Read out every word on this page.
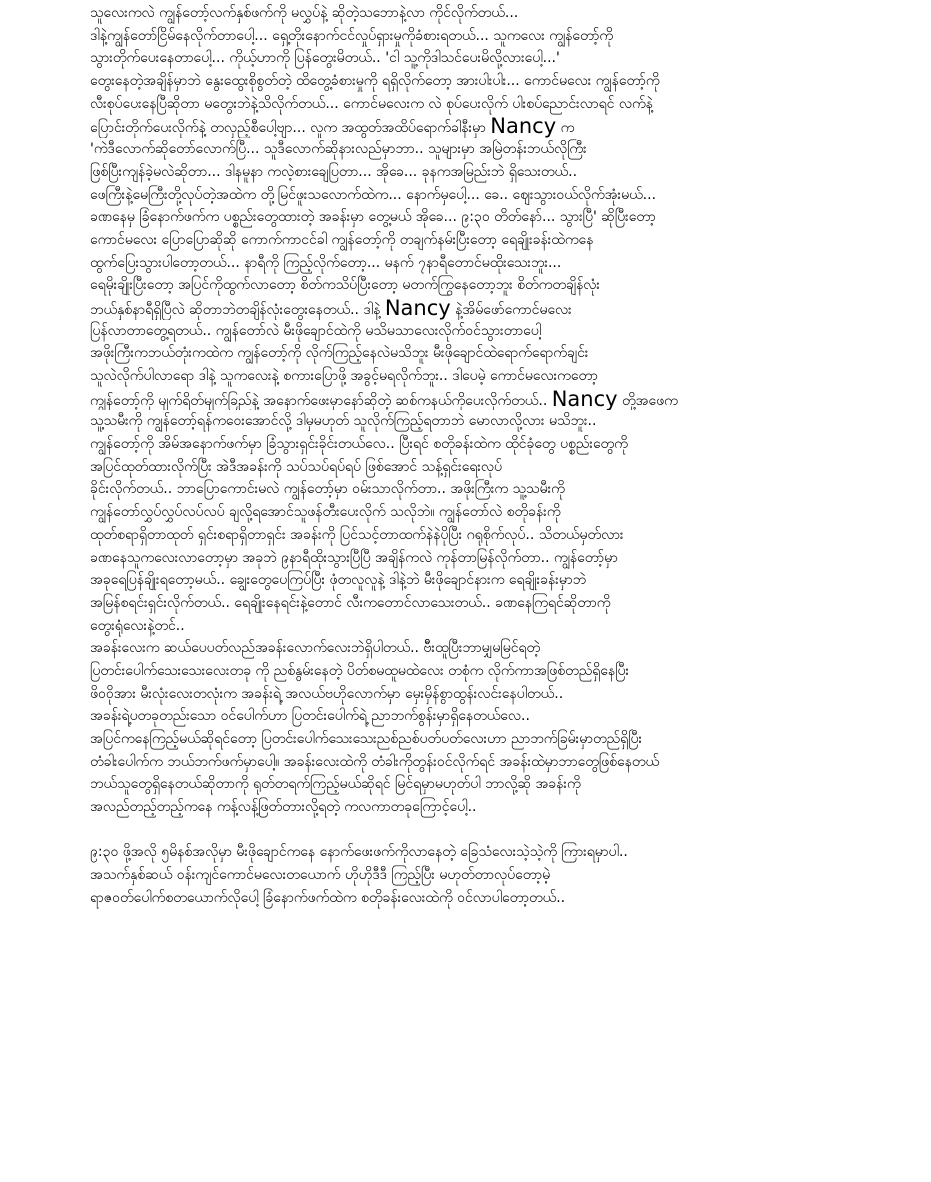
သူလေးကလဲ ကျွန်တော့်လက်နှစ်ဖက်ကို မလွှပ်နဲ့ ဆိုတဲ့သဘောနဲ့လာ ကိုင်လိုက်တယ်...
ဒါနဲ့ကျွန်တော်ငြိမ်နေလိုက်တာပေါ့... ရှေ့တိုးနောက်ငင်လှုပ်ရှားမှုကိုခံစားရတယ်... သူကလေး ကျွန်တော့်ကို
သွားတိုက်ပေးနေတာပေါ့... ကိုယ့်ဟာကို ပြန်တွေးမိတယ်.. 'ငါ သူ့ကိုဒါသင်ပေးမိလို့လားပေါ့...'
တွေးနေတဲ့အချိန်မှာဘဲ နွေးထွေးစိုစွတ်တဲ့ ထိတွေ့ခံစားမှုကို ရရှိလိုက်တော့ အားပါးပါး... ကောင်မလေး ကျွန်တော့်ကို
လီးစုပ်ပေးနေပြီဆိုတာ မတွေးဘဲနဲ့သိလိုက်တယ်... ကောင်မလေးက လဲ စုပ်ပေးလိုက် ပါးစပ်ညောင်းလာရင် လက်နဲ့
ပြောင်းတိုက်ပေးလိုက်နဲ့ တလှည့်စီပေါ့ဗျာ... လူက အထွတ်အထိပ်ရောက်ခါနီးမှာ Nancy က
'ကဲဒီလောက်ဆိုတော်လောက်ပြီ... သူဒီလောက်ဆိုနားလည်မှာဘာ.. သူများမှာ အမြဲတန်းဘယ်လိုကြီး
ဖြစ်ပြီးကျန်ခဲ့မလဲဆိုတာ... ဒါနမူနာ ကလဲ့စားချေပြတာ... အိုခေ... ခုနကအမြည်းဘဲ ရှိသေးတယ်..
ဖေကြီးနဲ့မေကြီးတို့လုပ်တဲ့အထဲက တို့မြင်ဖူးသလောက်ထဲက... နောက်မှပေါ့... ခေ.. ဈေးသွားဝယ်လိုက်အုံးမယ်...
ခဏနေမှ ခြံနောက်ဖက်က ပစ္စည်းတွေထားတဲ့ အခန်းမှာ တွေ့မယ် အိုခေ... ၉:၃၀ တိတ်နော်... သွားပြီ' ဆိုပြီးတော့
ကောင်မလေး ပြောပြောဆိုဆို ကောက်ကာငင်ခါ ကျွန်တော့်ကို တချက်နမ်းပြီးတော့ ရေချိုးခန်းထဲကနေ
ထွက်ပြေးသွားပါတော့တယ်... နာရီကို ကြည့်လိုက်တော့... မနက် ၇နာရီတောင်မထိုးသေးဘူး...
ရေမိုးချိုးပြီးတော့ အပြင်ကိုထွက်လာတော့ စိတ်ကသိပ်ပြီးတော့ မတက်ကြွနေတော့ဘူး စိတ်ကတချိန်လုံး
ဘယ်နှစ်နာရီရှိပြီလဲ ဆိုတာဘဲတချိန်လုံးတွေးနေတယ်.. ဒါနဲ့ Nancy နဲ့အိမ်ဖော်ကောင်မလေး
ပြန်လာတာတွေ့ရတယ်.. ကျွန်တော်လဲ မီးဖိုချောင်ထဲကို မသိမသာလေးလိုက်ဝင်သွားတာပေါ့
အဖိုးကြီးကဘယ်တုံးကထဲက ကျွန်တော့်ကို လိုက်ကြည့်နေလဲမသိဘူး မီးဖိုချောင်ထဲရောက်ရောက်ချင်း
သူလဲလိုက်ပါလာရော ဒါနဲ့ သူကလေးနဲ့ စကားပြောဖို့ အခွင့်မရလိုက်ဘူး.. ဒါပေမဲ့ ကောင်မလေးကတော့
ကျွန်တော့်ကို မျက်ရိတ်မျက်ခြည်နဲ့ အနောက်ဖေးမှာနော်ဆိုတဲ့ ဆစ်ကနယ်ကိုပေးလိုက်တယ်.. Nancy တို့အဖေက
သူ့သမီးကို ကျွန်တော့်ရန်ကဝေးအောင်လို့ ဒါမှမဟုတ် သူလိုက်ကြည့်ရတာဘဲ မောလာလို့လား မသိဘူး..
ကျွန်တော့်ကို အိမ်အနောက်ဖက်မှာ ခြံသွားရှင်းခိုင်းတယ်လေ.. ပြီးရင် စတိုခန်းထဲက ထိုင်ခုံတွေ ပစ္စည်းတွေကို
အပြင်ထုတ်ထားလိုက်ပြီး အဲဒီအခန်းကို သပ်သပ်ရပ်ရပ် ဖြစ်အောင် သန့်ရှင်းရေးလုပ်
ခိုင်းလိုက်တယ်.. ဘာပြောကောင်းမလဲ ကျွန်တော့်မှာ ဝမ်းသာလိုက်တာ.. အဖိုးကြီးက သူ့သမီးကို
ကျွန်တော်လွှပ်လွှပ်လပ်လပ် ချလို့ရအောင်သူဖန်တီးပေးလိုက် သလိုဘဲ။ ကျွန်တော်လဲ စတိုခန်းကို
ထုတ်စရာရှိတာထုတ် ရှင်းစရာရှိတာရှင်း အခန်းကို ပြင်သင့်တာထက်နဲနဲပိုပြီး ဂရုစိုက်လုပ်.. သိတယ်မှတ်လား
ခဏနေသူကလေးလာတော့မှာ အခုဘဲ ၉နာရီထိုးသွားပြီပြီ အချိန်ကလဲ ကုန်တာမြန်လိုက်တာ.. ကျွန်တော့်မှာ
အခုရေပြန်ချိုးရတော့မယ်.. ချွေးတွေပေကြပ်ပြီး ဖုံတလူလူနဲ့ ဒါနဲ့ဘဲ မီးဖိုချောင်နားက ရေချိုးခန်းမှာဘဲ
အမြန်စရင်းရှင်းလိုက်တယ်.. ရေချိုးနေရင်းနဲ့တောင် လီးကတောင်လာသေးတယ်.. ခဏနေကြရင်ဆိုတာကို
တွေးရုံလေးနဲ့တင်..
အခန်းလေးက ဆယ်ပေပတ်လည်အခန်းလောက်လေးဘဲရှိပါတယ်.. ဗီီးထူပြီးဘာမျှမမြင်ရတဲ့
ပြတင်းပေါက်သေးသေးလေးတခု ကို ညစ်နွမ်းနေတဲ့ ပိတ်စမထူမထဲလေး တစုံက လိုက်ကာအဖြစ်တည်ရှိနေပြီး
ဖိဝဝိုအား မီးလုံးလေးတလုံးက အခန်းရဲ့ အလယ်ဗဟိုလောက်မှာ မှေးမှိန်စွာထွန်းလင်းနေပါတယ်..
အခန်းရဲ့ပတခုတည်းသော ဝင်ပေါက်ဟာ ပြတင်းပေါက်ရဲ့ ညာဘက်စွန်းမှာရှိနေတယ်လေ..
အပြင်ကနေကြည့်မယ်ဆိုရင်တော့ ပြတင်းပေါက်သေးသေးညစ်ညစ်ပတ်ပတ်လေးဟာ ညာဘက်ခြမ်းမှာတည်ရှိပြီး
တံခါးပေါက်က ဘယ်ဘက်ဖက်မှာပေါ့။ အခန်းလေးထဲကို တံခါးကိုတွန်းဝင်လိုက်ရင် အခန်းထဲမှာဘာတွေဖြစ်နေတယ်
ဘယ်သူတွေရှိနေတယ်ဆိုတာကို ရုတ်တရက်ကြည့်မယ်ဆိုရင် မြင်ရမှာမဟုတ်ပါ ဘာလို့ဆို အခန်းကို
အလည်တည့်တည့်ကနေ ကန့်လန့်ဖြတ်တားလို့ရတဲ့ ကလကာတခုကြောင့်ပေါ့..
၉:၃၀ ဖို့အလို ၅မိနစ်အလိုမှာ မီးဖိုချောင်ကနေ နောက်ဖေးဖက်ကိုလာနေတဲ့ ခြေသံလေးသဲ့သဲ့ကို ကြားရမှာပါ..
အသက်နှစ်ဆယ် ဝန်းကျင်ကောင်မလေးတယောက် ဟိုဟိုဒီဒီ ကြည့်ပြီး မဟုတ်တာလုပ်တော့မဲ့
ရာဇဝတ်ပေါက်စတယောက်လိုပေါ့ ခြံနောက်ဖက်ထဲက စတိုခန်းလေးထဲကို ဝင်လာပါတော့တယ်..
